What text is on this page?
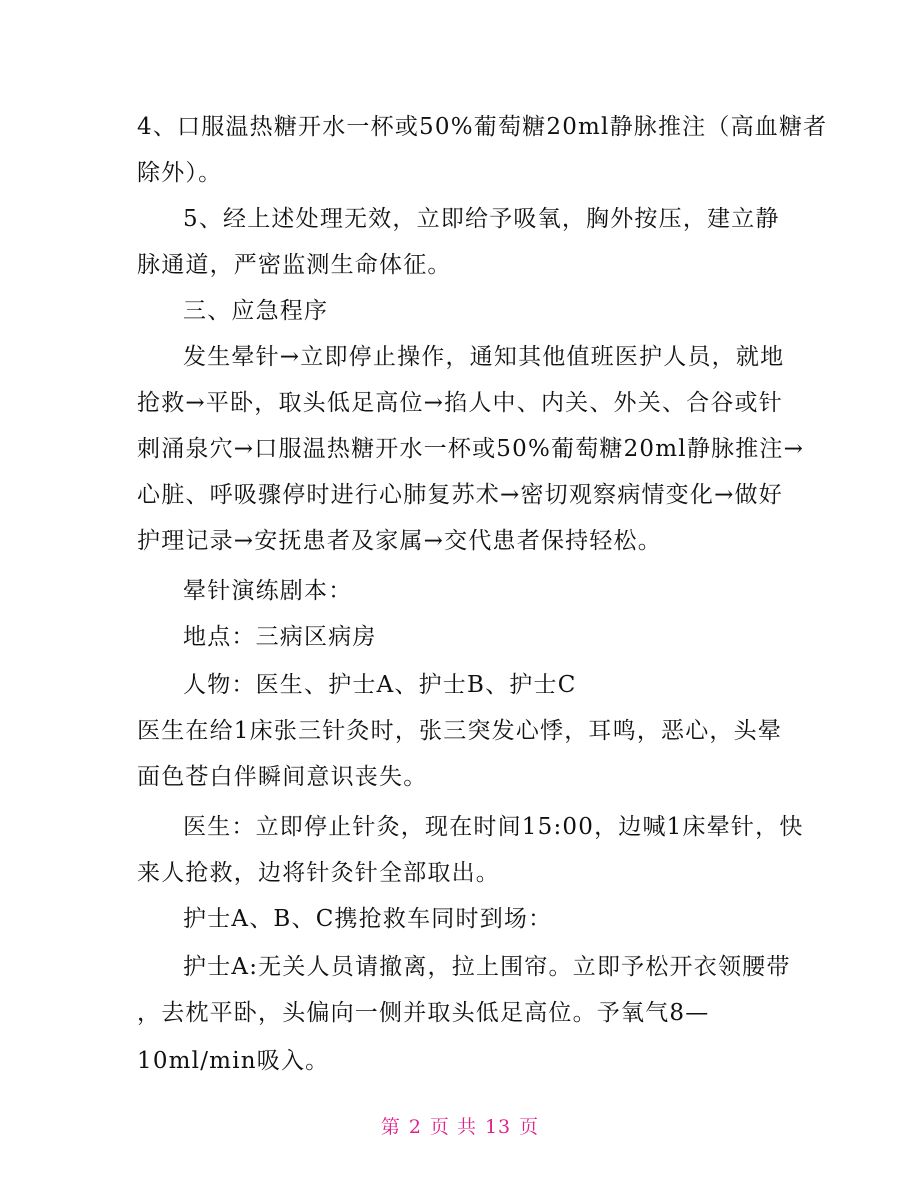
4、口服温热糖开水一杯或50%葡萄糖20ml静脉推注（高血糖者
除外）。
5、经上述处理无效，立即给予吸氧，胸外按压，建立静
脉通道，严密监测生命体征。
三、应急程序
发生晕针→立即停止操作，通知其他值班医护人员，就地
抢救→平卧，取头低足高位→掐人中、内关、外关、合谷或针
刺涌泉穴→口服温热糖开水一杯或50%葡萄糖20ml静脉推注→
心脏、呼吸骤停时进行心肺复苏术→密切观察病情变化→做好
护理记录→安抚患者及家属→交代患者保持轻松。
晕针演练剧本：
地点：三病区病房
人物：医生、护士A、护士B、护士C
医生在给1床张三针灸时，张三突发心悸，耳鸣，恶心，头晕
面色苍白伴瞬间意识丧失。
医生：立即停止针灸，现在时间15:00，边喊1床晕针，快
来人抢救，边将针灸针全部取出。
护士A、B、C携抢救车同时到场：
护士A:无关人员请撤离，拉上围帘。立即予松开衣领腰带
，去枕平卧，头偏向一侧并取头低足高位。予氧气8—
10ml/min吸入。
第 2 页 共 13 页
